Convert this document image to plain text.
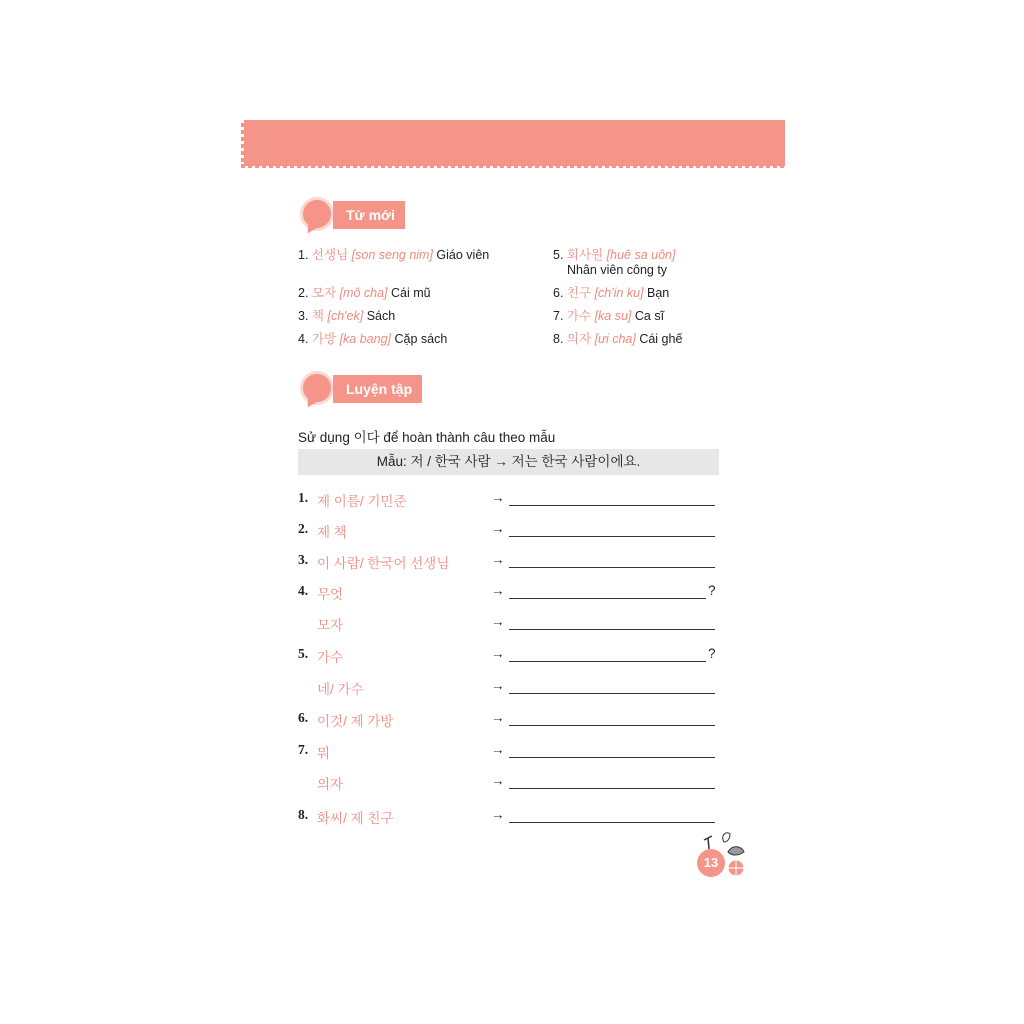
Từ mới
1. 선생님 [son seng nim] Giáo viên
2. 모자 [mô cha] Cái mũ
3. 책 [ch'ek] Sách
4. 가방 [ka bang] Cặp sách
5. 회사원 [huê sa uôn]
Nhân viên công ty
6. 친구 [ch'in ku] Bạn
7. 가수 [ka su] Ca sĩ
8. 의자 [ưi cha] Cái ghế
Luyện tập
Sử dụng 이다 để hoàn thành câu theo mẫu
Mẫu: 저 / 한국 사람 → 저는 한국 사람이에요.
1. 제 이름/ 기민준	→
2. 제 책	→
3. 이 사람/ 한국어 선생님	→
4. 무엇	→	?
모자	→
5. 가수	→	?
네/ 가수	→
6. 이것/ 제 가방	→
7. 뭐	→
의자	→
8. 화씨/ 제 친구	→
13
